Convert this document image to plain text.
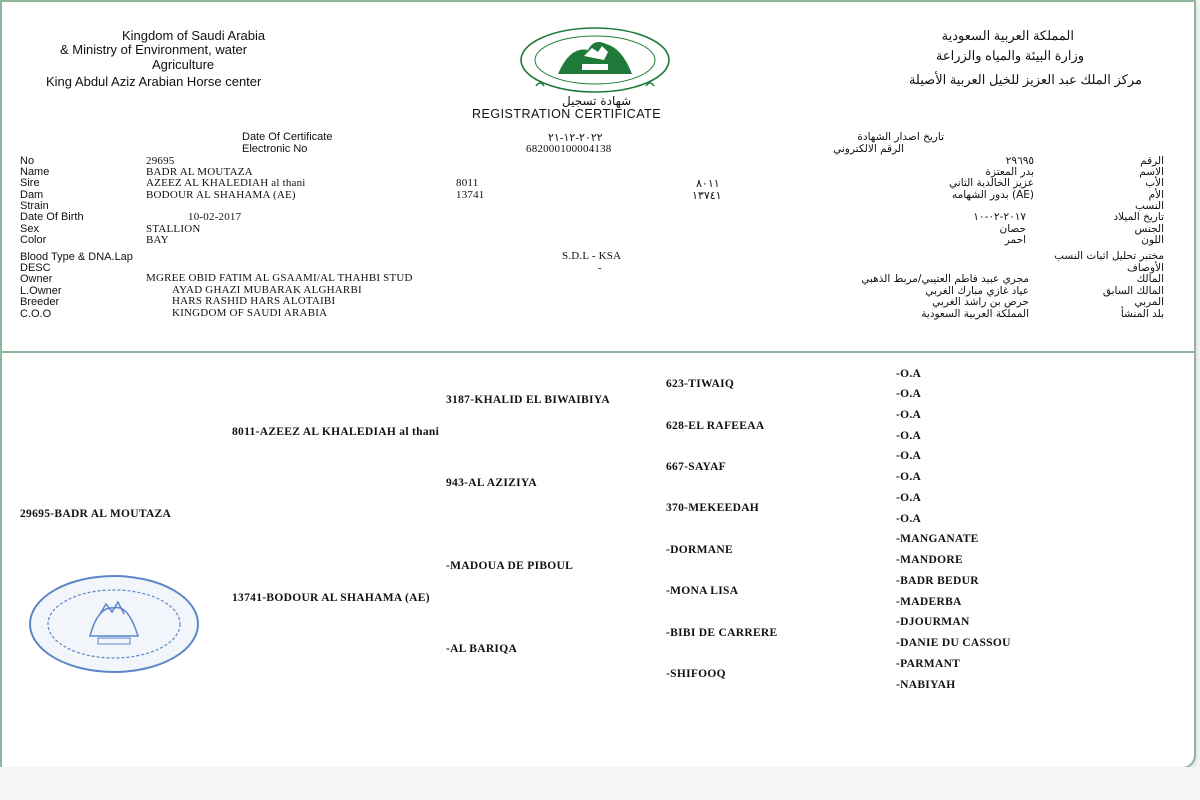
Kingdom of Saudi Arabia
& Ministry of Environment, water
Agriculture
King Abdul Aziz Arabian Horse center
المملكة العربية السعودية
وزارة البيئة والمياه والزراعة
مركز الملك عبد العزيز للخيل العربية الأصيلة
شهادة تسجيل
REGISTRATION CERTIFICATE
Date Of Certificate	٢٠٢٢-١٢-٢١	تاريخ اصدار الشهادة
Electronic No	682000100004138	الرقم الالكتروني
No	29695	٢٩٦٩٥	الرقم
Name	BADR AL MOUTAZA	بدر المعتزة	الاسم
Sire	AZEEZ AL KHALEDIAH al thani	8011	٨٠١١	عزيز الخالدية الثاني	الأب
Dam	BODOUR AL SHAHAMA (AE)	13741	١٣٧٤١	(AE) بدور الشهامه	الأم
Strain	النسب
Date Of Birth	10-02-2017	٢٠١٧-٠٢-١٠	تاريخ الميلاد
Sex	STALLION	حصان	الجنس
Color	BAY	احمر	اللون
Blood Type & DNA.Lap	S.D.L - KSA	مختبر تحليل اثبات النسب
DESC	-	الأوصاف
Owner	MGREE OBID FATIM AL GSAAMI/AL THAHBI STUD	مجري عبيد فاطم العتيبي/مربط الذهبي	المالك
L.Owner	AYAD GHAZI MUBARAK ALGHARBI	عياد غازي مبارك الغربي	المالك السابق
Breeder	HARS RASHID HARS ALOTAIBI	حرص بن راشد الغربي	المربي
C.O.O	KINGDOM OF SAUDI ARABIA	المملكة العربية السعودية	بلد المنشأ
29695-BADR AL MOUTAZA
8011-AZEEZ AL KHALEDIAH al thani
13741-BODOUR AL SHAHAMA (AE)
3187-KHALID EL BIWAIBIYA
943-AL AZIZIYA
-MADOUA DE PIBOUL
-AL BARIQA
623-TIWAIQ
628-EL RAFEEAA
667-SAYAF
370-MEKEEDAH
-DORMANE
-MONA LISA
-BIBI DE CARRERE
-SHIFOOQ
-O.A
-O.A
-O.A
-O.A
-O.A
-O.A
-O.A
-O.A
-MANGANATE
-MANDORE
-BADR BEDUR
-MADERBA
-DJOURMAN
-DANIE DU CASSOU
-PARMANT
-NABIYAH
